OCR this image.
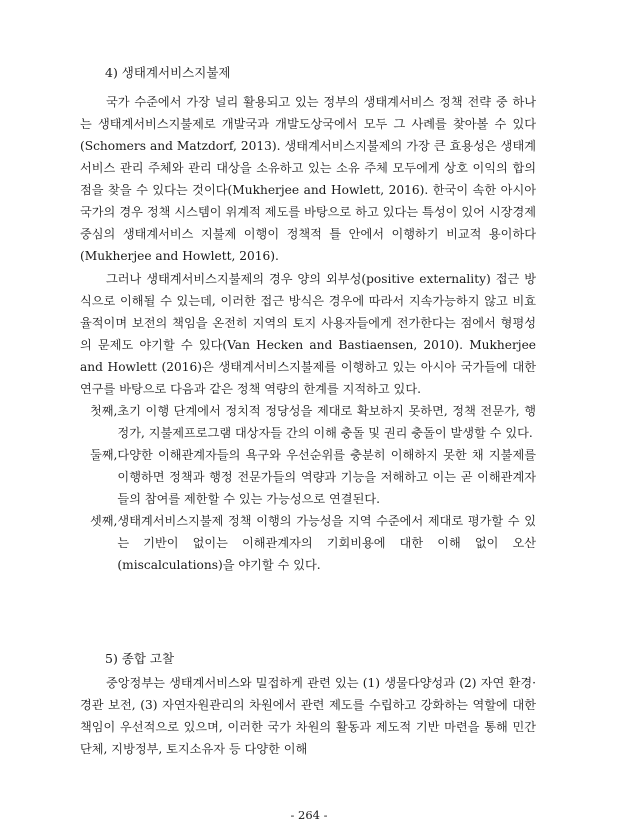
4) 생태계서비스지불제

국가 수준에서 가장 널리 활용되고 있는 정부의 생태계서비스 정책 전략 중 하나는 생태계서비스지불제로 개발국과 개발도상국에서 모두 그 사례를 찾아볼 수 있다(Schomers and Matzdorf, 2013). 생태계서비스지불제의 가장 큰 효용성은 생태계서비스 관리 주체와 관리 대상을 소유하고 있는 소유 주체 모두에게 상호 이익의 합의점을 찾을 수 있다는 것이다(Mukherjee and Howlett, 2016). 한국이 속한 아시아 국가의 경우 정책 시스템이 위계적 제도를 바탕으로 하고 있다는 특성이 있어 시장경제중심의 생태계서비스 지불제 이행이 정책적 틀 안에서 이행하기 비교적 용이하다(Mukherjee and Howlett, 2016).

그러나 생태계서비스지불제의 경우 양의 외부성(positive externality) 접근 방식으로 이해될 수 있는데, 이러한 접근 방식은 경우에 따라서 지속가능하지 않고 비효율적이며 보전의 책임을 온전히 지역의 토지 사용자들에게 전가한다는 점에서 형평성의 문제도 야기할 수 있다(Van Hecken and Bastiaensen, 2010). Mukherjee and Howlett (2016)은 생태계서비스지불제를 이행하고 있는 아시아 국가들에 대한 연구를 바탕으로 다음과 같은 정책 역량의 한계를 지적하고 있다.

첫째, 초기 이행 단계에서 정치적 정당성을 제대로 확보하지 못하면, 정책 전문가, 행정가, 지불제프로그램 대상자들 간의 이해 충돌 및 권리 충돌이 발생할 수 있다.
둘째, 다양한 이해관계자들의 욕구와 우선순위를 충분히 이해하지 못한 채 지불제를 이행하면 정책과 행정 전문가들의 역량과 기능을 저해하고 이는 곧 이해관계자들의 참여를 제한할 수 있는 가능성으로 연결된다.
셋째, 생태계서비스지불제 정책 이행의 가능성을 지역 수준에서 제대로 평가할 수 있는 기반이 없이는 이해관계자의 기회비용에 대한 이해 없이 오산(miscalculations)을 야기할 수 있다.
5) 종합 고찰

중앙정부는 생태계서비스와 밀접하게 관련 있는 (1) 생물다양성과 (2) 자연 환경·경관 보전, (3) 자연자원관리의 차원에서 관련 제도를 수립하고 강화하는 역할에 대한 책임이 우선적으로 있으며, 이러한 국가 차원의 활동과 제도적 기반 마련을 통해 민간단체, 지방정부, 토지소유자 등 다양한 이해

- 264 -
